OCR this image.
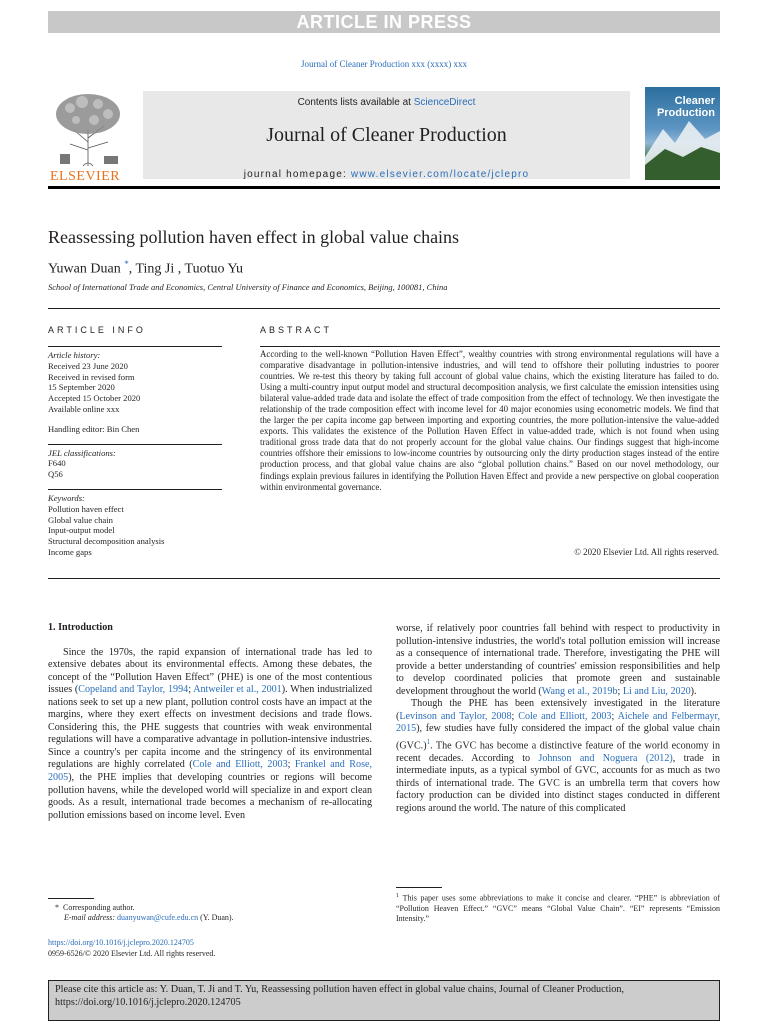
ARTICLE IN PRESS
Journal of Cleaner Production xxx (xxxx) xxx
ELSEVIER
Contents lists available at ScienceDirect
Journal of Cleaner Production
journal homepage: www.elsevier.com/locate/jclepro
Cleaner
Production
Reassessing pollution haven effect in global value chains
Yuwan Duan *, Ting Ji , Tuotuo Yu
School of International Trade and Economics, Central University of Finance and Economics, Beijing, 100081, China
ARTICLE INFO	ABSTRACT
Article history:
Received 23 June 2020
Received in revised form
15 September 2020
Accepted 15 October 2020
Available online xxx
Handling editor: Bin Chen
JEL classifications:
F640
Q56
Keywords:
Pollution haven effect
Global value chain
Input-output model
Structural decomposition analysis
Income gaps
According to the well-known “Pollution Haven Effect”, wealthy countries with strong environmental regulations will have a comparative disadvantage in pollution-intensive industries, and will tend to offshore their polluting industries to poorer countries. We re-test this theory by taking full account of global value chains, which the existing literature has failed to do. Using a multi-country input output model and structural decomposition analysis, we first calculate the emission intensities using bilateral value-added trade data and isolate the effect of trade composition from the effect of technology. We then investigate the relationship of the trade composition effect with income level for 40 major economies using econometric models. We find that the larger the per capita income gap between importing and exporting countries, the more pollution-intensive the value-added exports. This validates the existence of the Pollution Haven Effect in value-added trade, which is not found when using traditional gross trade data that do not properly account for the global value chains. Our findings suggest that high-income countries offshore their emissions to low-income countries by outsourcing only the dirty production stages instead of the entire production process, and that global value chains are also “global pollution chains.” Based on our novel methodology, our findings explain previous failures in identifying the Pollution Haven Effect and provide a new perspective on global cooperation within environmental governance.
© 2020 Elsevier Ltd. All rights reserved.
1. Introduction

Since the 1970s, the rapid expansion of international trade has led to extensive debates about its environmental effects. Among these debates, the concept of the “Pollution Haven Effect” (PHE) is one of the most contentious issues (Copeland and Taylor, 1994; Antweiler et al., 2001). When industrialized nations seek to set up a new plant, pollution control costs have an impact at the margins, where they exert effects on investment decisions and trade flows. Considering this, the PHE suggests that countries with weak environmental regulations will have a comparative advantage in pollution-intensive industries. Since a country's per capita income and the stringency of its environmental regulations are highly correlated (Cole and Elliott, 2003; Frankel and Rose, 2005), the PHE implies that developing countries or regions will become pollution havens, while the developed world will specialize in and export clean goods. As a result, international trade becomes a mechanism of re-allocating pollution emissions based on income level. Even

worse, if relatively poor countries fall behind with respect to productivity in pollution-intensive industries, the world's total pollution emission will increase as a consequence of international trade. Therefore, investigating the PHE will provide a better understanding of countries' emission responsibilities and help to develop coordinated policies that promote green and sustainable development throughout the world (Wang et al., 2019b; Li and Liu, 2020).

Though the PHE has been extensively investigated in the literature (Levinson and Taylor, 2008; Cole and Elliott, 2003; Aichele and Felbermayr, 2015), few studies have fully considered the impact of the global value chain $(GVC.)^1$. The GVC has become a distinctive feature of the world economy in recent decades. According to Johnson and Noguera (2012), trade in intermediate inputs, as a typical symbol of GVC, accounts for as much as two thirds of international trade. The GVC is an umbrella term that covers how factory production can be divided into distinct stages conducted in different regions around the world. The nature of this complicated

* Corresponding author.
E-mail address: duanyuwan@cufe.edu.cn (Y. Duan).
$^1$ This paper uses some abbreviations to make it concise and clearer. “PHE” is abbreviation of “Pollution Heaven Effect.” “GVC” means “Global Value Chain”. “EI” represents “Emission Intensity.”
https://doi.org/10.1016/j.jclepro.2020.124705
0959-6526/© 2020 Elsevier Ltd. All rights reserved.
Please cite this article as: Y. Duan, T. Ji and T. Yu, Reassessing pollution haven effect in global value chains, Journal of Cleaner Production, https://doi.org/10.1016/j.jclepro.2020.124705
